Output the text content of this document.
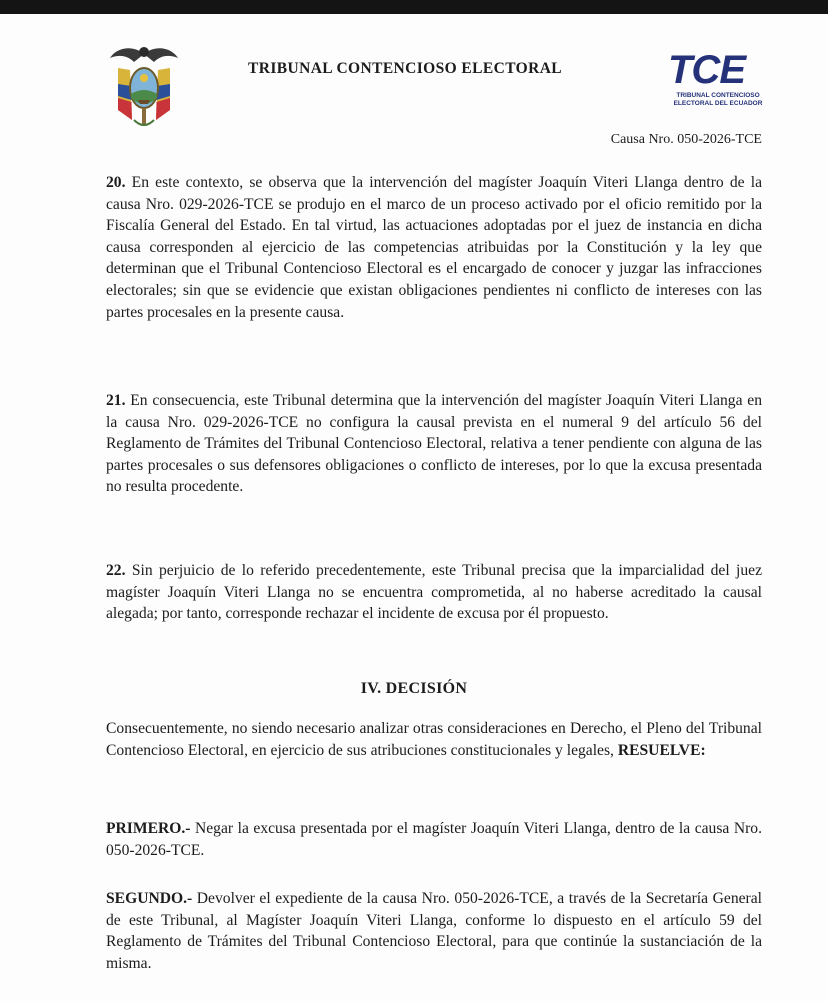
TRIBUNAL CONTENCIOSO ELECTORAL	TCE
TRIBUNAL CONTENCIOSO ELECTORAL DEL ECUADOR
Causa Nro. 050-2026-TCE

20. En este contexto, se observa que la intervención del magíster Joaquín Viteri Llanga dentro de la causa Nro. 029-2026-TCE se produjo en el marco de un proceso activado por el oficio remitido por la Fiscalía General del Estado. En tal virtud, las actuaciones adoptadas por el juez de instancia en dicha causa corresponden al ejercicio de las competencias atribuidas por la Constitución y la ley que determinan que el Tribunal Contencioso Electoral es el encargado de conocer y juzgar las infracciones electorales; sin que se evidencie que existan obligaciones pendientes ni conflicto de intereses con las partes procesales en la presente causa.

21. En consecuencia, este Tribunal determina que la intervención del magíster Joaquín Viteri Llanga en la causa Nro. 029-2026-TCE no configura la causal prevista en el numeral 9 del artículo 56 del Reglamento de Trámites del Tribunal Contencioso Electoral, relativa a tener pendiente con alguna de las partes procesales o sus defensores obligaciones o conflicto de intereses, por lo que la excusa presentada no resulta procedente.

22. Sin perjuicio de lo referido precedentemente, este Tribunal precisa que la imparcialidad del juez magíster Joaquín Viteri Llanga no se encuentra comprometida, al no haberse acreditado la causal alegada; por tanto, corresponde rechazar el incidente de excusa por él propuesto.

IV. DECISIÓN

Consecuentemente, no siendo necesario analizar otras consideraciones en Derecho, el Pleno del Tribunal Contencioso Electoral, en ejercicio de sus atribuciones constitucionales y legales, RESUELVE:

PRIMERO.- Negar la excusa presentada por el magíster Joaquín Viteri Llanga, dentro de la causa Nro. 050-2026-TCE.

SEGUNDO.- Devolver el expediente de la causa Nro. 050-2026-TCE, a través de la Secretaría General de este Tribunal, al Magíster Joaquín Viteri Llanga, conforme lo dispuesto en el artículo 59 del Reglamento de Trámites del Tribunal Contencioso Electoral, para que continúe la sustanciación de la misma.
